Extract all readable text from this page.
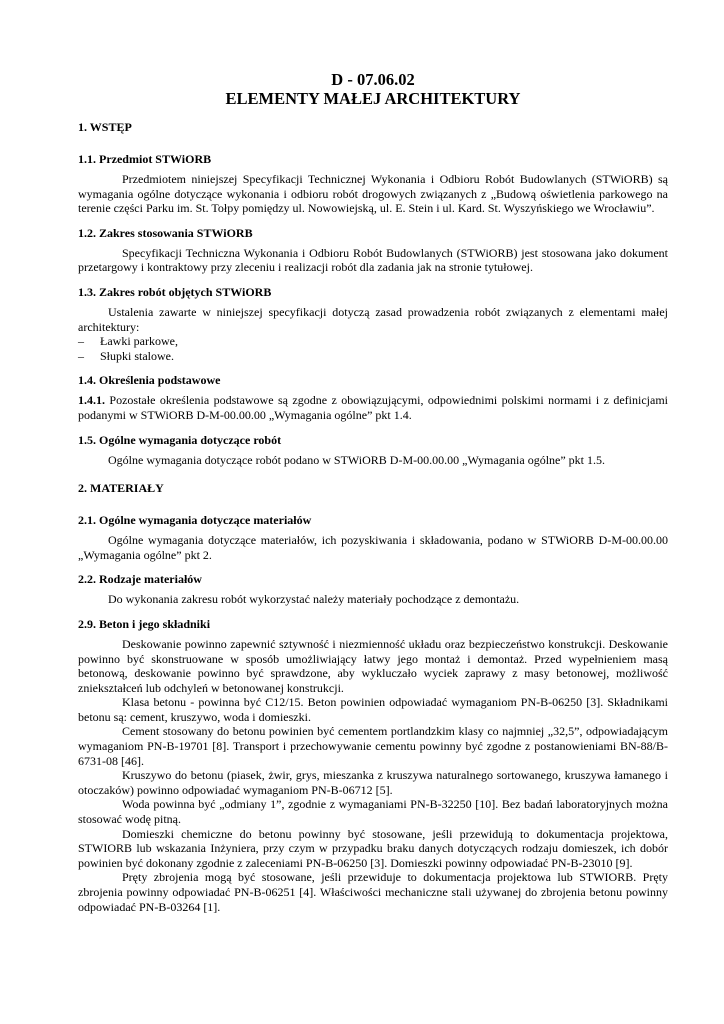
D - 07.06.02
ELEMENTY MAŁEJ ARCHITEKTURY
1. WSTĘP
1.1. Przedmiot STWiORB

Przedmiotem niniejszej Specyfikacji Technicznej Wykonania i Odbioru Robót Budowlanych (STWiORB) są wymagania ogólne dotyczące wykonania i odbioru robót drogowych związanych z „Budową oświetlenia parkowego na terenie części Parku im. St. Tołpy pomiędzy ul. Nowowiejską, ul. E. Stein i ul. Kard. St. Wyszyńskiego we Wrocławiu”.

1.2. Zakres stosowania STWiORB

Specyfikacji Techniczna Wykonania i Odbioru Robót Budowlanych (STWiORB) jest stosowana jako dokument przetargowy i kontraktowy przy zleceniu i realizacji robót dla zadania jak na stronie tytułowej.

1.3. Zakres robót objętych STWiORB

Ustalenia zawarte w niniejszej specyfikacji dotyczą zasad prowadzenia robót związanych z elementami małej architektury:

– Ławki parkowe,
– Słupki stalowe.
1.4. Określenia podstawowe

1.4.1. Pozostałe określenia podstawowe są zgodne z obowiązującymi, odpowiednimi polskimi normami i z definicjami podanymi w STWiORB D-M-00.00.00 „Wymagania ogólne” pkt 1.4.

1.5. Ogólne wymagania dotyczące robót

Ogólne wymagania dotyczące robót podano w STWiORB D-M-00.00.00 „Wymagania ogólne” pkt 1.5.

2. MATERIAŁY
2.1. Ogólne wymagania dotyczące materiałów

Ogólne wymagania dotyczące materiałów, ich pozyskiwania i składowania, podano w STWiORB D-M-00.00.00 „Wymagania ogólne” pkt 2.

2.2. Rodzaje materiałów

Do wykonania zakresu robót wykorzystać należy materiały pochodzące z demontażu.

2.9. Beton i jego składniki

Deskowanie powinno zapewnić sztywność i niezmienność układu oraz bezpieczeństwo konstrukcji. Deskowanie powinno być skonstruowane w sposób umożliwiający łatwy jego montaż i demontaż. Przed wypełnieniem masą betonową, deskowanie powinno być sprawdzone, aby wykluczało wyciek zaprawy z masy betonowej, możliwość zniekształceń lub odchyleń w betonowanej konstrukcji.

Klasa betonu - powinna być C12/15. Beton powinien odpowiadać wymaganiom PN-B-06250 [3]. Składnikami betonu są: cement, kruszywo, woda i domieszki.

Cement stosowany do betonu powinien być cementem portlandzkim klasy co najmniej „32,5”, odpowiadającym wymaganiom PN-B-19701 [8]. Transport i przechowywanie cementu powinny być zgodne z postanowieniami BN-88/B-6731-08 [46].

Kruszywo do betonu (piasek, żwir, grys, mieszanka z kruszywa naturalnego sortowanego, kruszywa łamanego i otoczaków) powinno odpowiadać wymaganiom PN-B-06712 [5].

Woda powinna być „odmiany 1”, zgodnie z wymaganiami PN-B-32250 [10]. Bez badań laboratoryjnych można stosować wodę pitną.

Domieszki chemiczne do betonu powinny być stosowane, jeśli przewidują to dokumentacja projektowa, STWIORB lub wskazania Inżyniera, przy czym w przypadku braku danych dotyczących rodzaju domieszek, ich dobór powinien być dokonany zgodnie z zaleceniami PN-B-06250 [3]. Domieszki powinny odpowiadać PN-B-23010 [9].

Pręty zbrojenia mogą być stosowane, jeśli przewiduje to dokumentacja projektowa lub STWIORB. Pręty zbrojenia powinny odpowiadać PN-B-06251 [4]. Właściwości mechaniczne stali używanej do zbrojenia betonu powinny odpowiadać PN-B-03264 [1].
